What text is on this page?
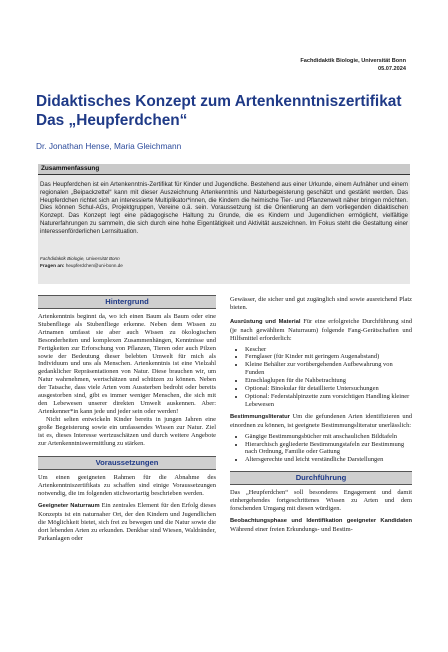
Fachdidaktik Biologie, Universität Bonn
05.07.2024
Didaktisches Konzept zum Artenkenntniszertifikat
Das „Heupferdchen“
Dr. Jonathan Hense, Maria Gleichmann
Zusammenfassung
Das Heupferdchen ist ein Artenkenntnis-Zertifikat für Kinder und Jugendliche. Bestehend aus einer Urkunde, einem Aufnäher und einem regionalen „Beipackzettel“ kann mit dieser Auszeichnung Artenkenntnis und Naturbegeisterung geschätzt und gestärkt werden. Das Heupferdchen richtet sich an interessierte Multiplikator*innen, die Kindern die heimische Tier- und Pflanzenwelt näher bringen möchten. Dies können Schul-AGs, Projektgruppen, Vereine o.ä. sein. Voraussetzung ist die Orientierung an dem vorliegenden didaktischen Konzept. Das Konzept legt eine pädagogische Haltung zu Grunde, die es Kindern und Jugendlichen ermöglicht, vielfältige Naturerfahrungen zu sammeln, die sich durch eine hohe Eigentätigkeit und Aktivität auszeichnen. Im Fokus steht die Gestaltung einer interessenförderlichen Lernsituation.
Fachdidaktik Biologie, Universität Bonn
Fragen an: heupferdchen@uni-bonn.de
Hintergrund

Artenkenntnis beginnt da, wo ich einen Baum als Baum oder eine Stubenfliege als Stubenfliege erkenne. Neben dem Wissen zu Artnamen umfasst sie aber auch Wissen zu ökologischen Besonderheiten und komplexen Zusammenhängen, Kenntnisse und Fertigkeiten zur Erforschung von Pflanzen, Tieren oder auch Pilzen sowie der Bedeutung dieser belebten Umwelt für mich als Individuum und uns als Menschen. Artenkenntnis ist eine Vielzahl gedanklicher Repräsentationen von Natur. Diese brauchen wir, um Natur wahrnehmen, wertschätzen und schützen zu können. Neben der Tatsache, dass viele Arten vom Aussterben bedroht oder bereits ausgestorben sind, gibt es immer weniger Menschen, die sich mit den Lebewesen unserer direkten Umwelt auskennen. Aber: Artenkenner*in kann jede und jeder sein oder werden!

Nicht selten entwickeln Kinder bereits in jungen Jahren eine große Begeisterung sowie ein umfassendes Wissen zur Natur. Ziel ist es, dieses Interesse wertzuschätzen und durch weitere Angebote zur Artenkenntniswermittlung zu stärken.

Voraussetzungen

Um einen geeigneten Rahmen für die Abnahme des Artenkenntniszertifikats zu schaffen sind einige Voraussetzungen notwendig, die im folgenden stichwortartig beschrieben werden.

Geeigneter Naturraum Ein zentrales Element für den Erfolg dieses Konzepts ist ein naturnaher Ort, der den Kindern und Jugendlichen die Möglichkeit bietet, sich frei zu bewegen und die Natur sowie die dort lebenden Arten zu erkunden. Denkbar sind Wiesen, Waldränder, Parkanlagen oder

Gewässer, die sicher und gut zugänglich sind sowie ausreichend Platz bieten.

Ausrüstung und Material Für eine erfolgreiche Durchführung sind (je nach gewähltem Naturraum) folgende Fang-Gerätschaften und Hilfsmittel erforderlich:

• Kescher
• Fernglaser (für Kinder mit geringem Augenabstand)
• Kleine Behälter zur vorübergehenden Aufbewahrung von Funden
• Einschlaglupen für die Nahbetrachtung
• Optional: Binokular für detaillierte Untersuchungen
• Optional: Federstahlpinzette zum vorsichtigen Handling kleiner Lebewesen

Bestimmungsliteratur Um die gefundenen Arten identifizieren und einordnen zu können, ist geeignete Bestimmungsliteratur unerlässlich:

• Gängige Bestimmungsbücher mit anschaulichen Bildtafeln
• Hierarchisch gegliederte Bestimmungstafeln zur Bestimmung nach Ordnung, Familie oder Gattung
• Altersgerechte und leicht verständliche Darstellungen
Durchführung

Das „Heupferdchen“ soll besonderes Engagement und damit einhergehendes fortgeschrittenes Wissen zu Arten und dem forschenden Umgang mit diesen würdigen.

Beobachtungsphase und Identifikation geeigneter Kandidaten Während einer freien Erkundungs- und Bestim-
